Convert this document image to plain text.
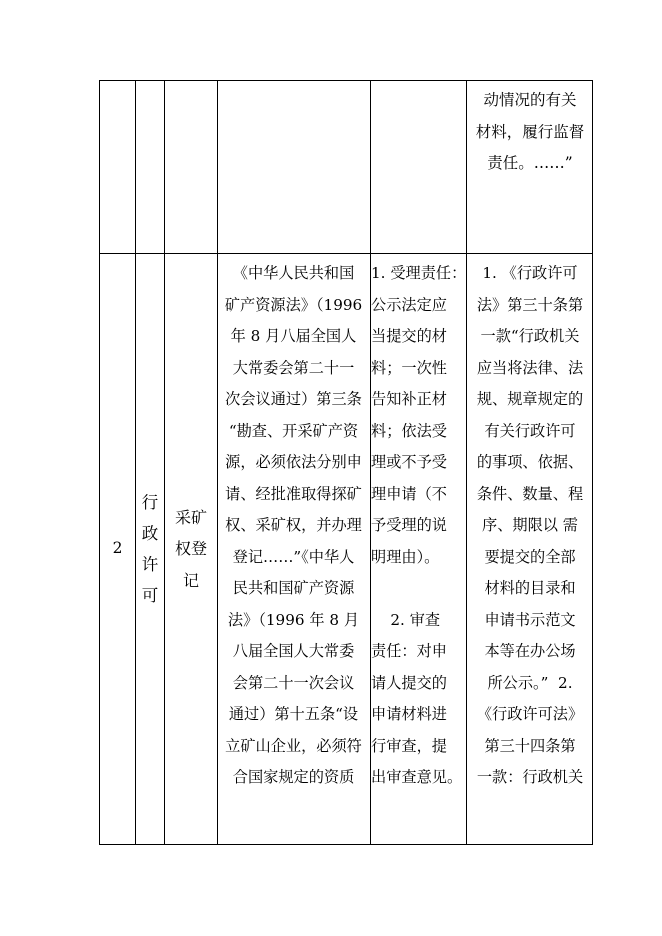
动情况的有关
材料，履行监督
责任。……”
2
行
政
许
可
采矿
权登
记
《中华人民共和国
矿产资源法》（1996
年 8 月八届全国人
大常委会第二十一
次会议通过）第三条
“勘查、开采矿产资
源，必须依法分别申
请、经批准取得探矿
权、采矿权，并办理
登记……”《中华人
民共和国矿产资源
法》（1996 年 8 月
八届全国人大常委
会第二十一次会议
通过）第十五条“设
立矿山企业，必须符
合国家规定的资质
1. 受理责任：
公示法定应
当提交的材
料；一次性
告知补正材
料；依法受
理或不予受
理申请（不
予受理的说
明理由）。

2. 审查
责任：对申
请人提交的
申请材料进
行审查，提
出审查意见。
1. 《行政许可
法》第三十条第
一款“行政机关
应当将法律、法
规、规章规定的
有关行政许可
的事项、依据、
条件、数量、程
序、期限以 需
要提交的全部
材料的目录和
申请书示范文
本等在办公场
所公示。”  2.
《行政许可法》
第三十四条第
一款：行政机关
